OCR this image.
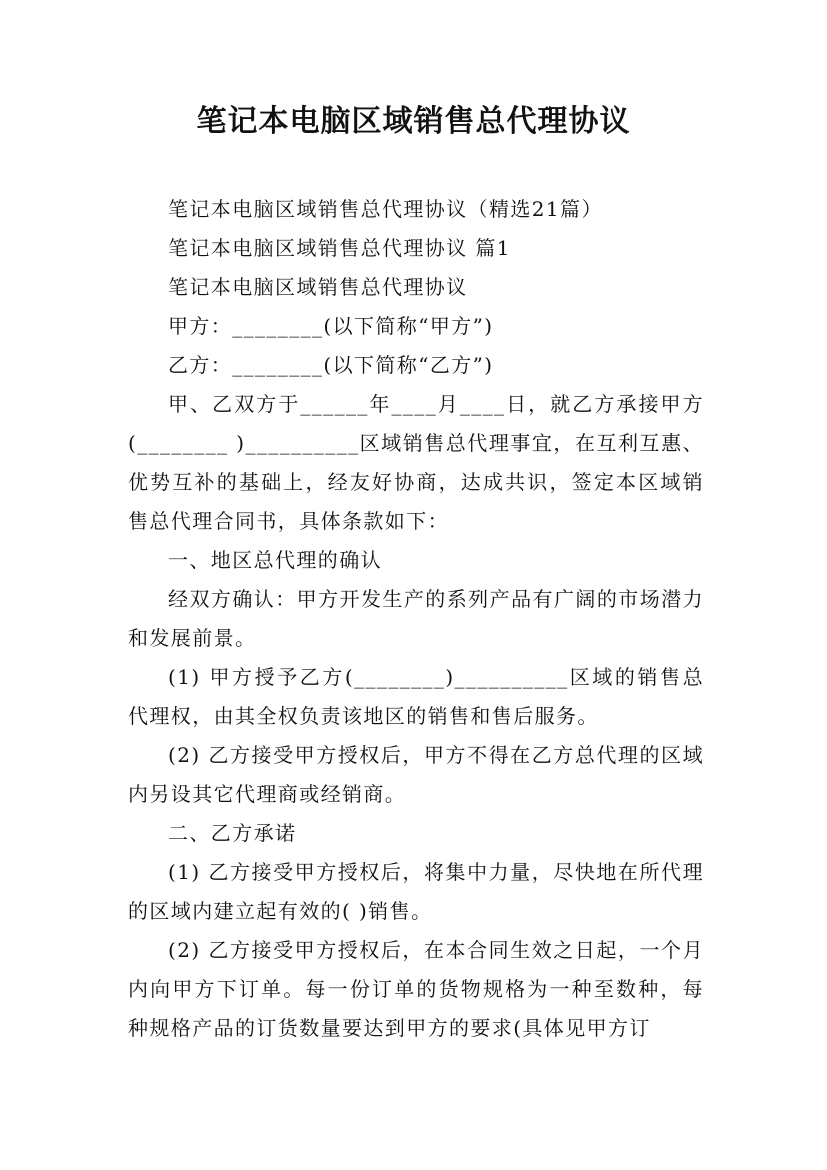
笔记本电脑区域销售总代理协议

笔记本电脑区域销售总代理协议（精选21篇）

笔记本电脑区域销售总代理协议 篇1

笔记本电脑区域销售总代理协议

甲方：________(以下简称“甲方”)

乙方：________(以下简称“乙方”)

甲、乙双方于______年____月____日，就乙方承接甲方(________ )__________区域销售总代理事宜，在互利互惠、优势互补的基础上，经友好协商，达成共识，签定本区域销售总代理合同书，具体条款如下：

一、地区总代理的确认

经双方确认：甲方开发生产的系列产品有广阔的市场潜力和发展前景。

(1) 甲方授予乙方(________)__________区域的销售总代理权，由其全权负责该地区的销售和售后服务。

(2) 乙方接受甲方授权后，甲方不得在乙方总代理的区域内另设其它代理商或经销商。

二、乙方承诺

(1) 乙方接受甲方授权后，将集中力量，尽快地在所代理的区域内建立起有效的( )销售。

(2) 乙方接受甲方授权后，在本合同生效之日起，一个月内向甲方下订单。每一份订单的货物规格为一种至数种，每种规格产品的订货数量要达到甲方的要求(具体见甲方订
